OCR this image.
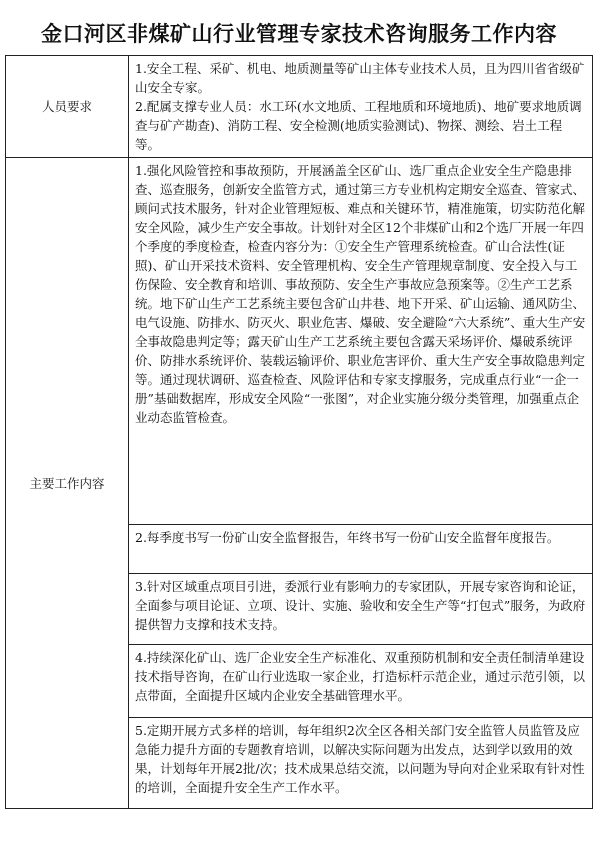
金口河区非煤矿山行业管理专家技术咨询服务工作内容
人员要求	1.安全工程、采矿、机电、地质测量等矿山主体专业技术人员，且为四川省省级矿山安全专家。

2.配属支撑专业人员：水工环(水文地质、工程地质和环境地质)、地矿要求地质调查与矿产勘查)、消防工程、安全检测(地质实验测试)、物探、测绘、岩土工程等。

主要工作内容	1.强化风险管控和事故预防，开展涵盖全区矿山、选厂重点企业安全生产隐患排查、巡查服务，创新安全监管方式，通过第三方专业机构定期安全巡查、管家式、顾问式技术服务，针对企业管理短板、难点和关键环节，精准施策，切实防范化解安全风险，减少生产安全事故。计划针对全区12个非煤矿山和2个选厂开展一年四个季度的季度检查，检查内容分为：①安全生产管理系统检查。矿山合法性(证照)、矿山开采技术资料、安全管理机构、安全生产管理规章制度、安全投入与工伤保险、安全教育和培训、事故预防、安全生产事故应急预案等。②生产工艺系统。地下矿山生产工艺系统主要包含矿山井巷、地下开采、矿山运输、通风防尘、电气设施、防排水、防灭火、职业危害、爆破、安全避险“六大系统”、重大生产安全事故隐患判定等；露天矿山生产工艺系统主要包含露天采场评价、爆破系统评价、防排水系统评价、装载运输评价、职业危害评价、重大生产安全事故隐患判定等。通过现状调研、巡查检查、风险评估和专家支撑服务，完成重点行业“一企一册”基础数据库，形成安全风险“一张图”，对企业实施分级分类管理，加强重点企业动态监管检查。

	2.每季度书写一份矿山安全监督报告，年终书写一份矿山安全监督年度报告。

	3.针对区域重点项目引进，委派行业有影响力的专家团队，开展专家咨询和论证，全面参与项目论证、立项、设计、实施、验收和安全生产等“打包式”服务，为政府提供智力支撑和技术支持。

	4.持续深化矿山、选厂企业安全生产标准化、双重预防机制和安全责任制清单建设技术指导咨询，在矿山行业选取一家企业，打造标杆示范企业，通过示范引领，以点带面，全面提升区域内企业安全基础管理水平。

	5.定期开展方式多样的培训，每年组织2次全区各相关部门安全监管人员监管及应急能力提升方面的专题教育培训，以解决实际问题为出发点，达到学以致用的效果，计划每年开展2批/次；技术成果总结交流，以问题为导向对企业采取有针对性的培训，全面提升安全生产工作水平。
